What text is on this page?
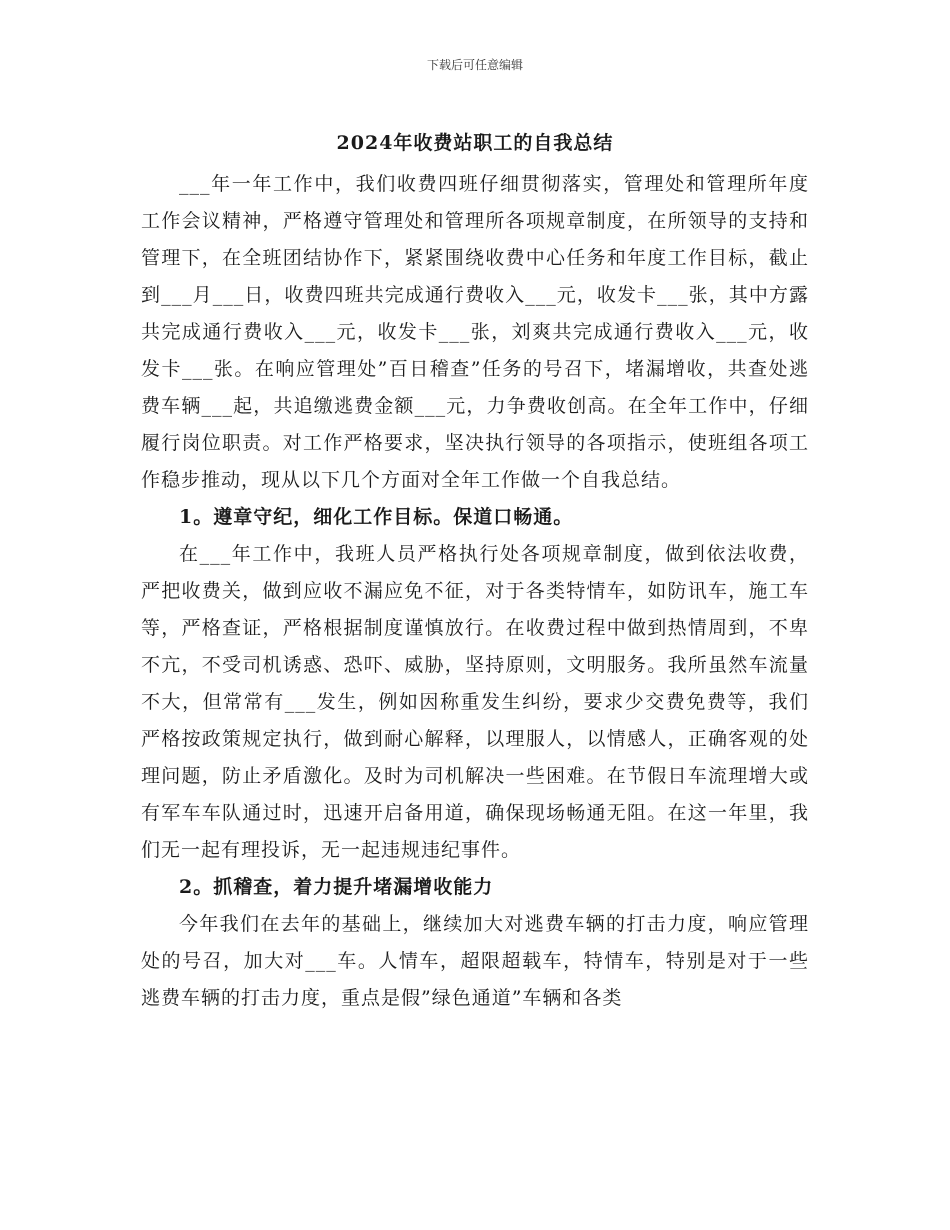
下载后可任意编辑
2024年收费站职工的自我总结

___年一年工作中，我们收费四班仔细贯彻落实，管理处和管理所年度工作会议精神，严格遵守管理处和管理所各项规章制度，在所领导的支持和管理下，在全班团结协作下，紧紧围绕收费中心任务和年度工作目标，截止到___月___日，收费四班共完成通行费收入___元，收发卡___张，其中方露共完成通行费收入___元，收发卡___张，刘爽共完成通行费收入___元，收发卡___张。在响应管理处”百日稽查”任务的号召下，堵漏增收，共查处逃费车辆___起，共追缴逃费金额___元，力争费收创高。在全年工作中，仔细履行岗位职责。对工作严格要求，坚决执行领导的各项指示，使班组各项工作稳步推动，现从以下几个方面对全年工作做一个自我总结。

1。遵章守纪，细化工作目标。保道口畅通。

在___年工作中，我班人员严格执行处各项规章制度，做到依法收费，严把收费关，做到应收不漏应免不征，对于各类特情车，如防讯车，施工车等，严格查证，严格根据制度谨慎放行。在收费过程中做到热情周到，不卑不亢，不受司机诱惑、恐吓、威胁，坚持原则，文明服务。我所虽然车流量不大，但常常有___发生，例如因称重发生纠纷，要求少交费免费等，我们严格按政策规定执行，做到耐心解释，以理服人，以情感人，正确客观的处理问题，防止矛盾激化。及时为司机解决一些困难。在节假日车流理增大或有军车车队通过时，迅速开启备用道，确保现场畅通无阻。在这一年里，我们无一起有理投诉，无一起违规违纪事件。

2。抓稽查，着力提升堵漏增收能力

今年我们在去年的基础上，继续加大对逃费车辆的打击力度，响应管理处的号召，加大对___车。人情车，超限超载车，特情车，特别是对于一些逃费车辆的打击力度，重点是假”绿色通道”车辆和各类
